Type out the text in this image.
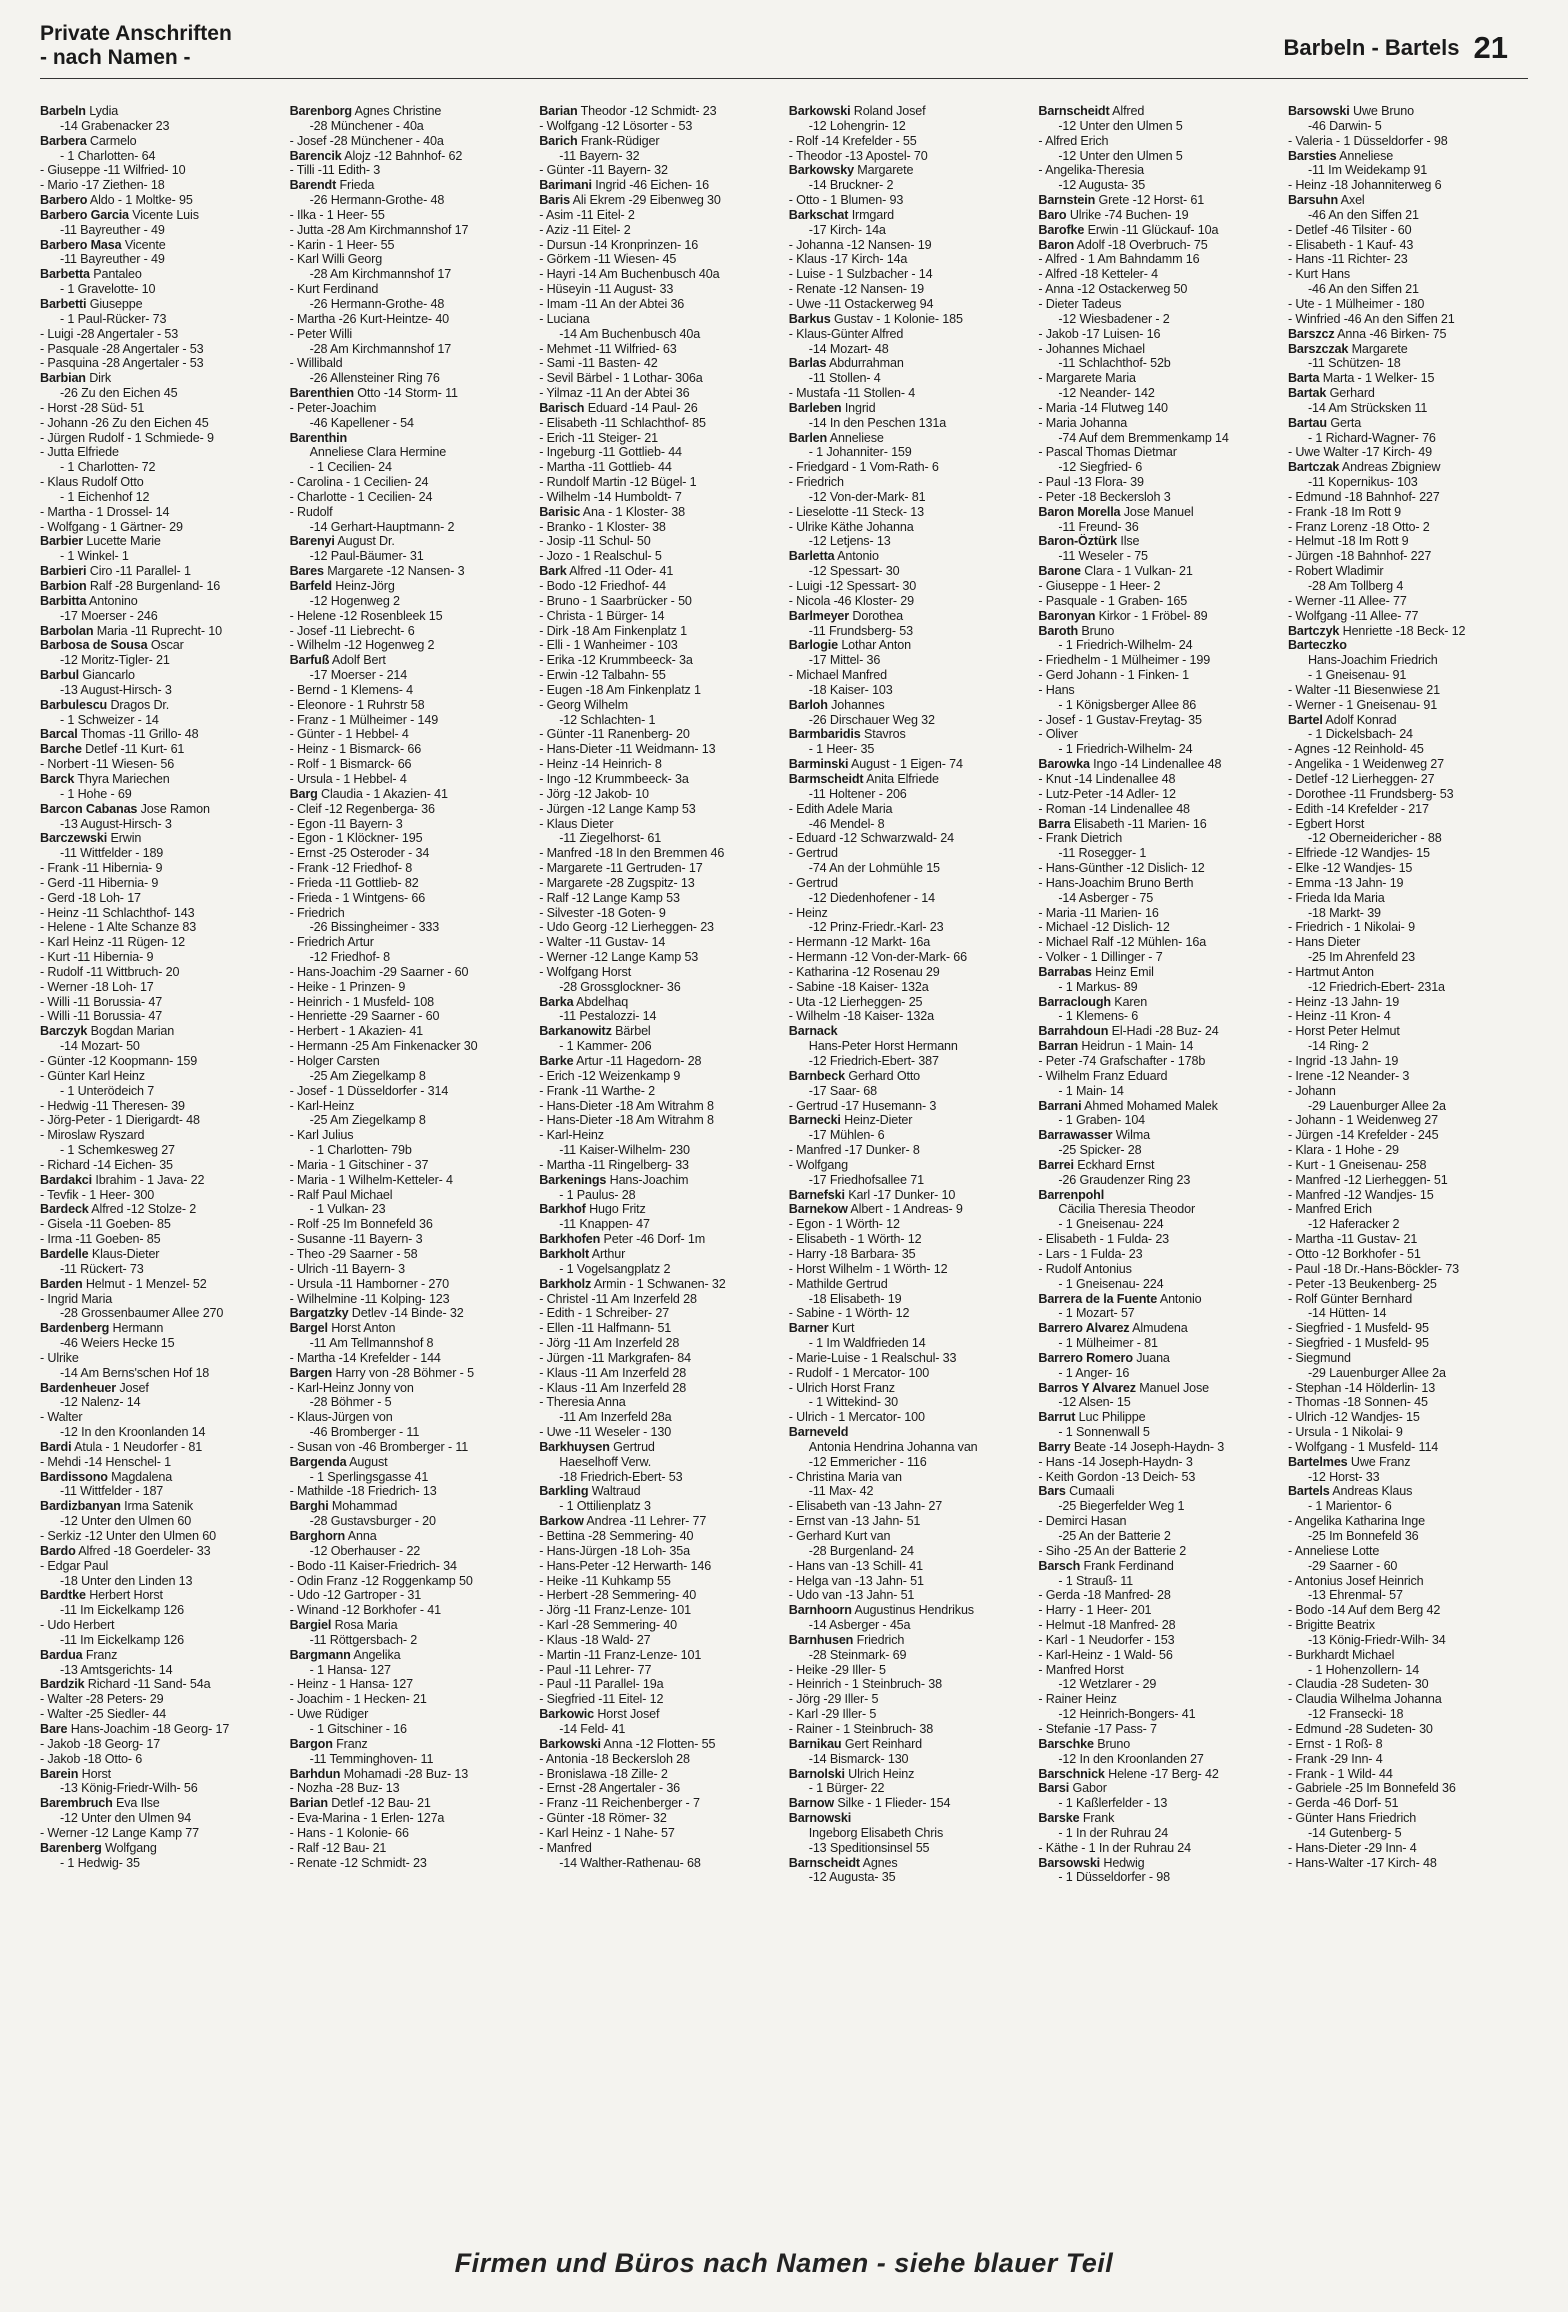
Private Anschriften
- nach Namen -	Barbeln - Bartels 21
Barbeln Lydia
-14 Grabenacker 23
Barbera Carmelo
- 1 Charlotten- 64
- Giuseppe -11 Wilfried- 10
- Mario -17 Ziethen- 18
Barbero Aldo - 1 Moltke- 95
Barbero Garcia Vicente Luis
-11 Bayreuther - 49
Barbero Masa Vicente
-11 Bayreuther - 49
Barbetta Pantaleo
- 1 Gravelotte- 10
Barbetti Giuseppe
- 1 Paul-Rücker- 73
- Luigi -28 Angertaler - 53
- Pasquale -28 Angertaler - 53
- Pasquina -28 Angertaler - 53
Barbian Dirk
-26 Zu den Eichen 45
- Horst -28 Süd- 51
- Johann -26 Zu den Eichen 45
- Jürgen Rudolf - 1 Schmiede- 9
- Jutta Elfriede
- 1 Charlotten- 72
- Klaus Rudolf Otto
- 1 Eichenhof 12
- Martha - 1 Drossel- 14
- Wolfgang - 1 Gärtner- 29
Barbier Lucette Marie
- 1 Winkel- 1
Barbieri Ciro -11 Parallel- 1
Barbion Ralf -28 Burgenland- 16
Barbitta Antonino
-17 Moerser - 246
Barbolan Maria -11 Ruprecht- 10
Barbosa de Sousa Oscar
-12 Moritz-Tigler- 21
Barbul Giancarlo
-13 August-Hirsch- 3
Barbulescu Dragos Dr.
- 1 Schweizer - 14
Barcal Thomas -11 Grillo- 48
Barche Detlef -11 Kurt- 61
- Norbert -11 Wiesen- 56
Barck Thyra Mariechen
- 1 Hohe - 69
Barcon Cabanas Jose Ramon
-13 August-Hirsch- 3
Barczewski Erwin
-11 Wittfelder - 189
- Frank -11 Hibernia- 9
- Gerd -11 Hibernia- 9
- Gerd -18 Loh- 17
- Heinz -11 Schlachthof- 143
- Helene - 1 Alte Schanze 83
- Karl Heinz -11 Rügen- 12
- Kurt -11 Hibernia- 9
- Rudolf -11 Wittbruch- 20
- Werner -18 Loh- 17
- Willi -11 Borussia- 47
- Willi -11 Borussia- 47
Barczyk Bogdan Marian
-14 Mozart- 50
- Günter -12 Koopmann- 159
- Günter Karl Heinz
- 1 Unterödeich 7
- Hedwig -11 Theresen- 39
- Jörg-Peter - 1 Dierigardt- 48
- Miroslaw Ryszard
- 1 Schemkesweg 27
- Richard -14 Eichen- 35
Bardakci Ibrahim - 1 Java- 22
- Tevfik - 1 Heer- 300
Bardeck Alfred -12 Stolze- 2
- Gisela -11 Goeben- 85
- Irma -11 Goeben- 85
Bardelle Klaus-Dieter
-11 Rückert- 73
Barden Helmut - 1 Menzel- 52
- Ingrid Maria
-28 Grossenbaumer Allee 270
Bardenberg Hermann
-46 Weiers Hecke 15
- Ulrike
-14 Am Berns'schen Hof 18
Bardenheuer Josef
-12 Nalenz- 14
- Walter
-12 In den Kroonlanden 14
Bardi Atula - 1 Neudorfer - 81
- Mehdi -14 Henschel- 1
Bardissono Magdalena
-11 Wittfelder - 187
Bardizbanyan Irma Satenik
-12 Unter den Ulmen 60
- Serkiz -12 Unter den Ulmen 60
Bardo Alfred -18 Goerdeler- 33
- Edgar Paul
-18 Unter den Linden 13
Bardtke Herbert Horst
-11 Im Eickelkamp 126
- Udo Herbert
-11 Im Eickelkamp 126
Bardua Franz
-13 Amtsgerichts- 14
Bardzik Richard -11 Sand- 54a
- Walter -28 Peters- 29
- Walter -25 Siedler- 44
Bare Hans-Joachim -18 Georg- 17
- Jakob -18 Georg- 17
- Jakob -18 Otto- 6
Barein Horst
-13 König-Friedr-Wilh- 56
Barembruch Eva Ilse
-12 Unter den Ulmen 94
- Werner -12 Lange Kamp 77
Barenberg Wolfgang
- 1 Hedwig- 35
Barenborg Agnes Christine
-28 Münchener - 40a
- Josef -28 Münchener - 40a
Barencik Alojz -12 Bahnhof- 62
- Tilli -11 Edith- 3
Barendt Frieda
-26 Hermann-Grothe- 48
- Ilka - 1 Heer- 55
- Jutta -28 Am Kirchmannshof 17
- Karin - 1 Heer- 55
- Karl Willi Georg
-28 Am Kirchmannshof 17
- Kurt Ferdinand
-26 Hermann-Grothe- 48
- Martha -26 Kurt-Heintze- 40
- Peter Willi
-28 Am Kirchmannshof 17
- Willibald
-26 Allensteiner Ring 76
Barenthien Otto -14 Storm- 11
- Peter-Joachim
-46 Kapellener - 54
Barenthin
Anneliese Clara Hermine
- 1 Cecilien- 24
- Carolina - 1 Cecilien- 24
- Charlotte - 1 Cecilien- 24
- Rudolf
-14 Gerhart-Hauptmann- 2
Barenyi August Dr.
-12 Paul-Bäumer- 31
Bares Margarete -12 Nansen- 3
Barfeld Heinz-Jörg
-12 Hogenweg 2
- Helene -12 Rosenbleek 15
- Josef -11 Liebrecht- 6
- Wilhelm -12 Hogenweg 2
Barfuß Adolf Bert
-17 Moerser - 214
- Bernd - 1 Klemens- 4
- Eleonore - 1 Ruhrstr 58
- Franz - 1 Mülheimer - 149
- Günter - 1 Hebbel- 4
- Heinz - 1 Bismarck- 66
- Rolf - 1 Bismarck- 66
- Ursula - 1 Hebbel- 4
Barg Claudia - 1 Akazien- 41
- Cleif -12 Regenberga- 36
- Egon -11 Bayern- 3
- Egon - 1 Klöckner- 195
- Ernst -25 Osteroder - 34
- Frank -12 Friedhof- 8
- Frieda -11 Gottlieb- 82
- Frieda - 1 Wintgens- 66
- Friedrich
-26 Bissingheimer - 333
- Friedrich Artur
-12 Friedhof- 8
- Hans-Joachim -29 Saarner - 60
- Heike - 1 Prinzen- 9
- Heinrich - 1 Musfeld- 108
- Henriette -29 Saarner - 60
- Herbert - 1 Akazien- 41
- Hermann -25 Am Finkenacker 30
- Holger Carsten
-25 Am Ziegelkamp 8
- Josef - 1 Düsseldorfer - 314
- Karl-Heinz
-25 Am Ziegelkamp 8
- Karl Julius
- 1 Charlotten- 79b
- Maria - 1 Gitschiner - 37
- Maria - 1 Wilhelm-Ketteler- 4
- Ralf Paul Michael
- 1 Vulkan- 23
- Rolf -25 Im Bonnefeld 36
- Susanne -11 Bayern- 3
- Theo -29 Saarner - 58
- Ulrich -11 Bayern- 3
- Ursula -11 Hamborner - 270
- Wilhelmine -11 Kolping- 123
Bargatzky Detlev -14 Binde- 32
Bargel Horst Anton
-11 Am Tellmannshof 8
- Martha -14 Krefelder - 144
Bargen Harry von -28 Böhmer - 5
- Karl-Heinz Jonny von
-28 Böhmer - 5
- Klaus-Jürgen von
-46 Bromberger - 11
- Susan von -46 Bromberger - 11
Bargenda August
- 1 Sperlingsgasse 41
- Mathilde -18 Friedrich- 13
Barghi Mohammad
-28 Gustavsburger - 20
Barghorn Anna
-12 Oberhauser - 22
- Bodo -11 Kaiser-Friedrich- 34
- Odin Franz -12 Roggenkamp 50
- Udo -12 Gartroper - 31
- Winand -12 Borkhofer - 41
Bargiel Rosa Maria
-11 Röttgersbach- 2
Bargmann Angelika
- 1 Hansa- 127
- Heinz - 1 Hansa- 127
- Joachim - 1 Hecken- 21
- Uwe Rüdiger
- 1 Gitschiner - 16
Bargon Franz
-11 Temminghoven- 11
Barhdun Mohamadi -28 Buz- 13
- Nozha -28 Buz- 13
Barian Detlef -12 Bau- 21
- Eva-Marina - 1 Erlen- 127a
- Hans - 1 Kolonie- 66
- Ralf -12 Bau- 21
- Renate -12 Schmidt- 23
Barian Theodor -12 Schmidt- 23
- Wolfgang -12 Lösorter - 53
Barich Frank-Rüdiger
-11 Bayern- 32
- Günter -11 Bayern- 32
Barimani Ingrid -46 Eichen- 16
Baris Ali Ekrem -29 Eibenweg 30
- Asim -11 Eitel- 2
- Aziz -11 Eitel- 2
- Dursun -14 Kronprinzen- 16
- Görkem -11 Wiesen- 45
- Hayri -14 Am Buchenbusch 40a
- Hüseyin -11 August- 33
- Imam -11 An der Abtei 36
- Luciana
-14 Am Buchenbusch 40a
- Mehmet -11 Wilfried- 63
- Sami -11 Basten- 42
- Sevil Bärbel - 1 Lothar- 306a
- Yilmaz -11 An der Abtei 36
Barisch Eduard -14 Paul- 26
- Elisabeth -11 Schlachthof- 85
- Erich -11 Steiger- 21
- Ingeburg -11 Gottlieb- 44
- Martha -11 Gottlieb- 44
- Rundolf Martin -12 Bügel- 1
- Wilhelm -14 Humboldt- 7
Barisic Ana - 1 Kloster- 38
- Branko - 1 Kloster- 38
- Josip -11 Schul- 50
- Jozo - 1 Realschul- 5
Bark Alfred -11 Oder- 41
- Bodo -12 Friedhof- 44
- Bruno - 1 Saarbrücker - 50
- Christa - 1 Bürger- 14
- Dirk -18 Am Finkenplatz 1
- Elli - 1 Wanheimer - 103
- Erika -12 Krummbeeck- 3a
- Erwin -12 Talbahn- 55
- Eugen -18 Am Finkenplatz 1
- Georg Wilhelm
-12 Schlachten- 1
- Günter -11 Ranenberg- 20
- Hans-Dieter -11 Weidmann- 13
- Heinz -14 Heinrich- 8
- Ingo -12 Krummbeeck- 3a
- Jörg -12 Jakob- 10
- Jürgen -12 Lange Kamp 53
- Klaus Dieter
-11 Ziegelhorst- 61
- Manfred -18 In den Bremmen 46
- Margarete -11 Gertruden- 17
- Margarete -28 Zugspitz- 13
- Ralf -12 Lange Kamp 53
- Silvester -18 Goten- 9
- Udo Georg -12 Lierheggen- 23
- Walter -11 Gustav- 14
- Werner -12 Lange Kamp 53
- Wolfgang Horst
-28 Grossglockner- 36
Barka Abdelhaq
-11 Pestalozzi- 14
Barkanowitz Bärbel
- 1 Kammer- 206
Barke Artur -11 Hagedorn- 28
- Erich -12 Weizenkamp 9
- Frank -11 Warthe- 2
- Hans-Dieter -18 Am Witrahm 8
- Hans-Dieter -18 Am Witrahm 8
- Karl-Heinz
-11 Kaiser-Wilhelm- 230
- Martha -11 Ringelberg- 33
Barkenings Hans-Joachim
- 1 Paulus- 28
Barkhof Hugo Fritz
-11 Knappen- 47
Barkhofen Peter -46 Dorf- 1m
Barkholt Arthur
- 1 Vogelsangplatz 2
Barkholz Armin - 1 Schwanen- 32
- Christel -11 Am Inzerfeld 28
- Edith - 1 Schreiber- 27
- Ellen -11 Halfmann- 51
- Jörg -11 Am Inzerfeld 28
- Jürgen -11 Markgrafen- 84
- Klaus -11 Am Inzerfeld 28
- Klaus -11 Am Inzerfeld 28
- Theresia Anna
-11 Am Inzerfeld 28a
- Uwe -11 Weseler - 130
Barkhuysen Gertrud
Haeselhoff Verw.
-18 Friedrich-Ebert- 53
Barkling Waltraud
- 1 Ottilienplatz 3
Barkow Andrea -11 Lehrer- 77
- Bettina -28 Semmering- 40
- Hans-Jürgen -18 Loh- 35a
- Hans-Peter -12 Herwarth- 146
- Heike -11 Kuhkamp 55
- Herbert -28 Semmering- 40
- Jörg -11 Franz-Lenze- 101
- Karl -28 Semmering- 40
- Klaus -18 Wald- 27
- Martin -11 Franz-Lenze- 101
- Paul -11 Lehrer- 77
- Paul -11 Parallel- 19a
- Siegfried -11 Eitel- 12
Barkowic Horst Josef
-14 Feld- 41
Barkowski Anna -12 Flotten- 55
- Antonia -18 Beckersloh 28
- Bronislawa -18 Zille- 2
- Ernst -28 Angertaler - 36
- Franz -11 Reichenberger - 7
- Günter -18 Römer- 32
- Karl Heinz - 1 Nahe- 57
- Manfred
-14 Walther-Rathenau- 68
Barkowski Roland Josef
-12 Lohengrin- 12
- Rolf -14 Krefelder - 55
- Theodor -13 Apostel- 70
Barkowsky Margarete
-14 Bruckner- 2
- Otto - 1 Blumen- 93
Barkschat Irmgard
-17 Kirch- 14a
- Johanna -12 Nansen- 19
- Klaus -17 Kirch- 14a
- Luise - 1 Sulzbacher - 14
- Renate -12 Nansen- 19
- Uwe -11 Ostackerweg 94
Barkus Gustav - 1 Kolonie- 185
- Klaus-Günter Alfred
-14 Mozart- 48
Barlas Abdurrahman
-11 Stollen- 4
- Mustafa -11 Stollen- 4
Barleben Ingrid
-14 In den Peschen 131a
Barlen Anneliese
- 1 Johanniter- 159
- Friedgard - 1 Vom-Rath- 6
- Friedrich
-12 Von-der-Mark- 81
- Lieselotte -11 Steck- 13
- Ulrike Käthe Johanna
-12 Letjens- 13
Barletta Antonio
-12 Spessart- 30
- Luigi -12 Spessart- 30
- Nicola -46 Kloster- 29
Barlmeyer Dorothea
-11 Frundsberg- 53
Barlogie Lothar Anton
-17 Mittel- 36
- Michael Manfred
-18 Kaiser- 103
Barloh Johannes
-26 Dirschauer Weg 32
Barmbaridis Stavros
- 1 Heer- 35
Barminski August - 1 Eigen- 74
Barmscheidt Anita Elfriede
-11 Holtener - 206
- Edith Adele Maria
-46 Mendel- 8
- Eduard -12 Schwarzwald- 24
- Gertrud
-74 An der Lohmühle 15
- Gertrud
-12 Diedenhofener - 14
- Heinz
-12 Prinz-Friedr.-Karl- 23
- Hermann -12 Markt- 16a
- Hermann -12 Von-der-Mark- 66
- Katharina -12 Rosenau 29
- Sabine -18 Kaiser- 132a
- Uta -12 Lierheggen- 25
- Wilhelm -18 Kaiser- 132a
Barnack
Hans-Peter Horst Hermann
-12 Friedrich-Ebert- 387
Barnbeck Gerhard Otto
-17 Saar- 68
- Gertrud -17 Husemann- 3
Barnecki Heinz-Dieter
-17 Mühlen- 6
- Manfred -17 Dunker- 8
- Wolfgang
-17 Friedhofsallee 71
Barnefski Karl -17 Dunker- 10
Barnekow Albert - 1 Andreas- 9
- Egon - 1 Wörth- 12
- Elisabeth - 1 Wörth- 12
- Harry -18 Barbara- 35
- Horst Wilhelm - 1 Wörth- 12
- Mathilde Gertrud
-18 Elisabeth- 19
- Sabine - 1 Wörth- 12
Barner Kurt
- 1 Im Waldfrieden 14
- Marie-Luise - 1 Realschul- 33
- Rudolf - 1 Mercator- 100
- Ulrich Horst Franz
- 1 Wittekind- 30
- Ulrich - 1 Mercator- 100
Barneveld
Antonia Hendrina Johanna van
-12 Emmericher - 116
- Christina Maria van
-11 Max- 42
- Elisabeth van -13 Jahn- 27
- Ernst van -13 Jahn- 51
- Gerhard Kurt van
-28 Burgenland- 24
- Hans van -13 Schill- 41
- Helga van -13 Jahn- 51
- Udo van -13 Jahn- 51
Barnhoorn Augustinus Hendrikus
-14 Asberger - 45a
Barnhusen Friedrich
-28 Steinmark- 69
- Heike -29 Iller- 5
- Heinrich - 1 Steinbruch- 38
- Jörg -29 Iller- 5
- Karl -29 Iller- 5
- Rainer - 1 Steinbruch- 38
Barnikau Gert Reinhard
-14 Bismarck- 130
Barnolski Ulrich Heinz
- 1 Bürger- 22
Barnow Silke - 1 Flieder- 154
Barnowski
Ingeborg Elisabeth Chris
-13 Speditionsinsel 55
Barnscheidt Agnes
-12 Augusta- 35
Barnscheidt Alfred
-12 Unter den Ulmen 5
- Alfred Erich
-12 Unter den Ulmen 5
- Angelika-Theresia
-12 Augusta- 35
Barnstein Grete -12 Horst- 61
Baro Ulrike -74 Buchen- 19
Barofke Erwin -11 Glückauf- 10a
Baron Adolf -18 Overbruch- 75
- Alfred - 1 Am Bahndamm 16
- Alfred -18 Ketteler- 4
- Anna -12 Ostackerweg 50
- Dieter Tadeus
-12 Wiesbadener - 2
- Jakob -17 Luisen- 16
- Johannes Michael
-11 Schlachthof- 52b
- Margarete Maria
-12 Neander- 142
- Maria -14 Flutweg 140
- Maria Johanna
-74 Auf dem Bremmenkamp 14
- Pascal Thomas Dietmar
-12 Siegfried- 6
- Paul -13 Flora- 39
- Peter -18 Beckersloh 3
Baron Morella Jose Manuel
-11 Freund- 36
Baron-Öztürk Ilse
-11 Weseler - 75
Barone Clara - 1 Vulkan- 21
- Giuseppe - 1 Heer- 2
- Pasquale - 1 Graben- 165
Baronyan Kirkor - 1 Fröbel- 89
Baroth Bruno
- 1 Friedrich-Wilhelm- 24
- Friedhelm - 1 Mülheimer - 199
- Gerd Johann - 1 Finken- 1
- Hans
- 1 Königsberger Allee 86
- Josef - 1 Gustav-Freytag- 35
- Oliver
- 1 Friedrich-Wilhelm- 24
Barowka Ingo -14 Lindenallee 48
- Knut -14 Lindenallee 48
- Lutz-Peter -14 Adler- 12
- Roman -14 Lindenallee 48
Barra Elisabeth -11 Marien- 16
- Frank Dietrich
-11 Rosegger- 1
- Hans-Günther -12 Dislich- 12
- Hans-Joachim Bruno Berth
-14 Asberger - 75
- Maria -11 Marien- 16
- Michael -12 Dislich- 12
- Michael Ralf -12 Mühlen- 16a
- Volker - 1 Dillinger - 7
Barrabas Heinz Emil
- 1 Markus- 89
Barraclough Karen
- 1 Klemens- 6
Barrahdoun El-Hadi -28 Buz- 24
Barran Heidrun - 1 Main- 14
- Peter -74 Grafschafter - 178b
- Wilhelm Franz Eduard
- 1 Main- 14
Barrani Ahmed Mohamed Malek
- 1 Graben- 104
Barrawasser Wilma
-25 Spicker- 28
Barrei Eckhard Ernst
-26 Graudenzer Ring 23
Barrenpohl
Cäcilia Theresia Theodor
- 1 Gneisenau- 224
- Elisabeth - 1 Fulda- 23
- Lars - 1 Fulda- 23
- Rudolf Antonius
- 1 Gneisenau- 224
Barrera de la Fuente Antonio
- 1 Mozart- 57
Barrero Alvarez Almudena
- 1 Mülheimer - 81
Barrero Romero Juana
- 1 Anger- 16
Barros Y Alvarez Manuel Jose
-12 Alsen- 15
Barrut Luc Philippe
- 1 Sonnenwall 5
Barry Beate -14 Joseph-Haydn- 3
- Hans -14 Joseph-Haydn- 3
- Keith Gordon -13 Deich- 53
Bars Cumaali
-25 Biegerfelder Weg 1
- Demirci Hasan
-25 An der Batterie 2
- Siho -25 An der Batterie 2
Barsch Frank Ferdinand
- 1 Strauß- 11
- Gerda -18 Manfred- 28
- Harry - 1 Heer- 201
- Helmut -18 Manfred- 28
- Karl - 1 Neudorfer - 153
- Karl-Heinz - 1 Wald- 56
- Manfred Horst
-12 Wetzlarer - 29
- Rainer Heinz
-12 Heinrich-Bongers- 41
- Stefanie -17 Pass- 7
Barschke Bruno
-12 In den Kroonlanden 27
Barschnick Helene -17 Berg- 42
Barsi Gabor
- 1 Kaßlerfelder - 13
Barske Frank
- 1 In der Ruhrau 24
- Käthe - 1 In der Ruhrau 24
Barsowski Hedwig
- 1 Düsseldorfer - 98
Barsowski Uwe Bruno
-46 Darwin- 5
- Valeria - 1 Düsseldorfer - 98
Barsties Anneliese
-11 Im Weidekamp 91
- Heinz -18 Johanniterweg 6
Barsuhn Axel
-46 An den Siffen 21
- Detlef -46 Tilsiter - 60
- Elisabeth - 1 Kauf- 43
- Hans -11 Richter- 23
- Kurt Hans
-46 An den Siffen 21
- Ute - 1 Mülheimer - 180
- Winfried -46 An den Siffen 21
Barszcz Anna -46 Birken- 75
Barszczak Margarete
-11 Schützen- 18
Barta Marta - 1 Welker- 15
Bartak Gerhard
-14 Am Strücksken 11
Bartau Gerta
- 1 Richard-Wagner- 76
- Uwe Walter -17 Kirch- 49
Bartczak Andreas Zbigniew
-11 Kopernikus- 103
- Edmund -18 Bahnhof- 227
- Frank -18 Im Rott 9
- Franz Lorenz -18 Otto- 2
- Helmut -18 Im Rott 9
- Jürgen -18 Bahnhof- 227
- Robert Wladimir
-28 Am Tollberg 4
- Werner -11 Allee- 77
- Wolfgang -11 Allee- 77
Bartczyk Henriette -18 Beck- 12
Barteczko
Hans-Joachim Friedrich
- 1 Gneisenau- 91
- Walter -11 Biesenwiese 21
- Werner - 1 Gneisenau- 91
Bartel Adolf Konrad
- 1 Dickelsbach- 24
- Agnes -12 Reinhold- 45
- Angelika - 1 Weidenweg 27
- Detlef -12 Lierheggen- 27
- Dorothee -11 Frundsberg- 53
- Edith -14 Krefelder - 217
- Egbert Horst
-12 Oberneidericher - 88
- Elfriede -12 Wandjes- 15
- Elke -12 Wandjes- 15
- Emma -13 Jahn- 19
- Frieda Ida Maria
-18 Markt- 39
- Friedrich - 1 Nikolai- 9
- Hans Dieter
-25 Im Ahrenfeld 23
- Hartmut Anton
-12 Friedrich-Ebert- 231a
- Heinz -13 Jahn- 19
- Heinz -11 Kron- 4
- Horst Peter Helmut
-14 Ring- 2
- Ingrid -13 Jahn- 19
- Irene -12 Neander- 3
- Johann
-29 Lauenburger Allee 2a
- Johann - 1 Weidenweg 27
- Jürgen -14 Krefelder - 245
- Klara - 1 Hohe - 29
- Kurt - 1 Gneisenau- 258
- Manfred -12 Lierheggen- 51
- Manfred -12 Wandjes- 15
- Manfred Erich
-12 Haferacker 2
- Martha -11 Gustav- 21
- Otto -12 Borkhofer - 51
- Paul -18 Dr.-Hans-Böckler- 73
- Peter -13 Beukenberg- 25
- Rolf Günter Bernhard
-14 Hütten- 14
- Siegfried - 1 Musfeld- 95
- Siegfried - 1 Musfeld- 95
- Siegmund
-29 Lauenburger Allee 2a
- Stephan -14 Hölderlin- 13
- Thomas -18 Sonnen- 45
- Ulrich -12 Wandjes- 15
- Ursula - 1 Nikolai- 9
- Wolfgang - 1 Musfeld- 114
Bartelmes Uwe Franz
-12 Horst- 33
Bartels Andreas Klaus
- 1 Marientor- 6
- Angelika Katharina Inge
-25 Im Bonnefeld 36
- Anneliese Lotte
-29 Saarner - 60
- Antonius Josef Heinrich
-13 Ehrenmal- 57
- Bodo -14 Auf dem Berg 42
- Brigitte Beatrix
-13 König-Friedr-Wilh- 34
- Burkhardt Michael
- 1 Hohenzollern- 14
- Claudia -28 Sudeten- 30
- Claudia Wilhelma Johanna
-12 Fransecki- 18
- Edmund -28 Sudeten- 30
- Ernst - 1 Roß- 8
- Frank -29 Inn- 4
- Frank - 1 Wild- 44
- Gabriele -25 Im Bonnefeld 36
- Gerda -46 Dorf- 51
- Günter Hans Friedrich
-14 Gutenberg- 5
- Hans-Dieter -29 Inn- 4
- Hans-Walter -17 Kirch- 48
Firmen und Büros nach Namen - siehe blauer Teil
